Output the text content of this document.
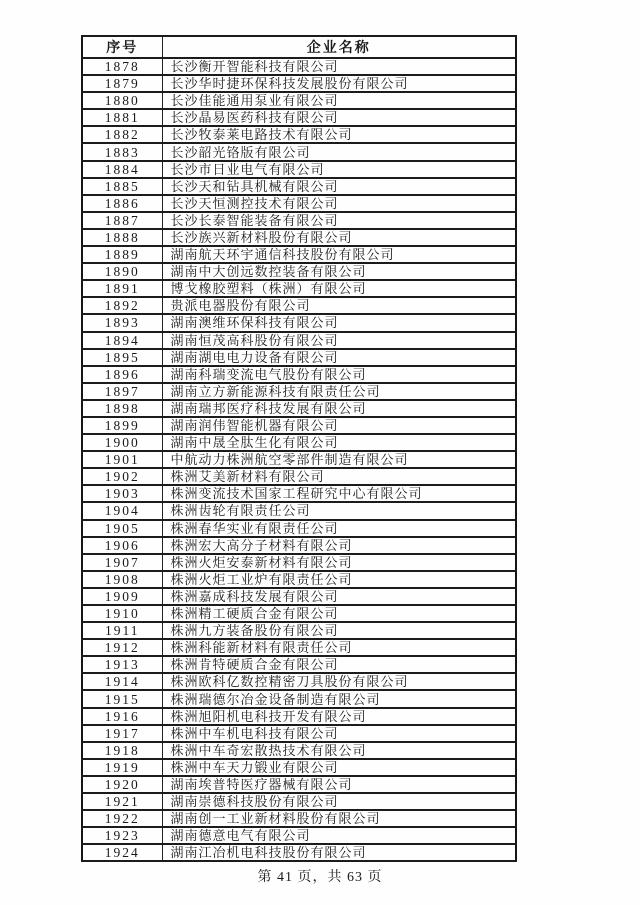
序号	企业名称
1878	长沙衡开智能科技有限公司
1879	长沙华时捷环保科技发展股份有限公司
1880	长沙佳能通用泵业有限公司
1881	长沙晶易医药科技有限公司
1882	长沙牧泰莱电路技术有限公司
1883	长沙韶光铬版有限公司
1884	长沙市日业电气有限公司
1885	长沙天和钻具机械有限公司
1886	长沙天恒测控技术有限公司
1887	长沙长泰智能装备有限公司
1888	长沙族兴新材料股份有限公司
1889	湖南航天环宇通信科技股份有限公司
1890	湖南中大创远数控装备有限公司
1891	博戈橡胶塑料（株洲）有限公司
1892	贵派电器股份有限公司
1893	湖南澳维环保科技有限公司
1894	湖南恒茂高科股份有限公司
1895	湖南湖电电力设备有限公司
1896	湖南科瑞变流电气股份有限公司
1897	湖南立方新能源科技有限责任公司
1898	湖南瑞邦医疗科技发展有限公司
1899	湖南润伟智能机器有限公司
1900	湖南中晟全肽生化有限公司
1901	中航动力株洲航空零部件制造有限公司
1902	株洲艾美新材料有限公司
1903	株洲变流技术国家工程研究中心有限公司
1904	株洲齿轮有限责任公司
1905	株洲春华实业有限责任公司
1906	株洲宏大高分子材料有限公司
1907	株洲火炬安泰新材料有限公司
1908	株洲火炬工业炉有限责任公司
1909	株洲嘉成科技发展有限公司
1910	株洲精工硬质合金有限公司
1911	株洲九方装备股份有限公司
1912	株洲科能新材料有限责任公司
1913	株洲肯特硬质合金有限公司
1914	株洲欧科亿数控精密刀具股份有限公司
1915	株洲瑞德尔冶金设备制造有限公司
1916	株洲旭阳机电科技开发有限公司
1917	株洲中车机电科技有限公司
1918	株洲中车奇宏散热技术有限公司
1919	株洲中车天力锻业有限公司
1920	湖南埃普特医疗器械有限公司
1921	湖南崇德科技股份有限公司
1922	湖南创一工业新材料股份有限公司
1923	湖南德意电气有限公司
1924	湖南江冶机电科技股份有限公司
第 41 页，共 63 页
